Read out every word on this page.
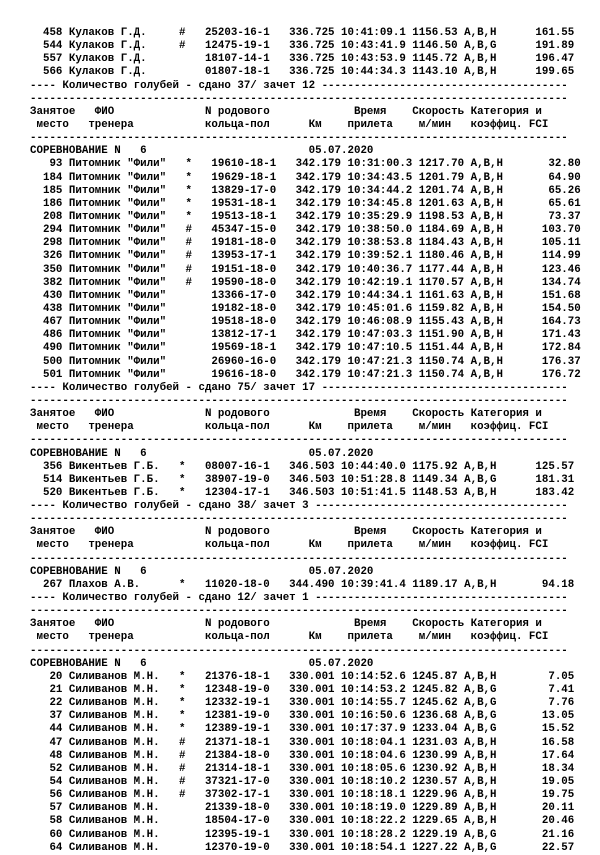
458 Кулаков Г.Д.     #   25203-16-1   336.725 10:41:09.1 1156.53 A,B,H      161.55
544 Кулаков Г.Д.     #   12475-19-1   336.725 10:43:41.9 1146.50 A,B,G      191.89
557 Кулаков Г.Д.         18107-14-1   336.725 10:43:53.9 1145.72 A,B,H      196.47
566 Кулаков Г.Д.         01807-18-1   336.725 10:44:34.3 1143.10 A,B,H      199.65
---- Количество голубей - сдано 37/ зачет 12 --------------------------------------
-----------------------------------------------------------------------------------
Занятое   ФИО              N родового             Время    Скорость Категория и
место   тренера           кольца-пол      Км    прилета    м/мин   коэффиц. FCI
-----------------------------------------------------------------------------------
СОРЕВНОВАНИЕ N   6                         05.07.2020
93 Питомник "Фили"   *   19610-18-1   342.179 10:31:00.3 1217.70 A,B,H       32.80
184 Питомник "Фили"   *   19629-18-1   342.179 10:34:43.5 1201.79 A,B,H       64.90
185 Питомник "Фили"   *   13829-17-0   342.179 10:34:44.2 1201.74 A,B,H       65.26
186 Питомник "Фили"   *   19531-18-1   342.179 10:34:45.8 1201.63 A,B,H       65.61
208 Питомник "Фили"   *   19513-18-1   342.179 10:35:29.9 1198.53 A,B,H       73.37
294 Питомник "Фили"   #   45347-15-0   342.179 10:38:50.0 1184.69 A,B,H      103.70
298 Питомник "Фили"   #   19181-18-0   342.179 10:38:53.8 1184.43 A,B,H      105.11
326 Питомник "Фили"   #   13953-17-1   342.179 10:39:52.1 1180.46 A,B,H      114.99
350 Питомник "Фили"   #   19151-18-0   342.179 10:40:36.7 1177.44 A,B,H      123.46
382 Питомник "Фили"   #   19590-18-0   342.179 10:42:19.1 1170.57 A,B,H      134.74
430 Питомник "Фили"       13366-17-0   342.179 10:44:34.1 1161.63 A,B,H      151.68
438 Питомник "Фили"       19182-18-0   342.179 10:45:01.6 1159.82 A,B,H      154.50
467 Питомник "Фили"       19518-18-0   342.179 10:46:08.9 1155.43 A,B,H      164.73
486 Питомник "Фили"       13812-17-1   342.179 10:47:03.3 1151.90 A,B,H      171.43
490 Питомник "Фили"       19569-18-1   342.179 10:47:10.5 1151.44 A,B,H      172.84
500 Питомник "Фили"       26960-16-0   342.179 10:47:21.3 1150.74 A,B,H      176.37
501 Питомник "Фили"       19616-18-0   342.179 10:47:21.3 1150.74 A,B,H      176.72
---- Количество голубей - сдано 75/ зачет 17 --------------------------------------
-----------------------------------------------------------------------------------
Занятое   ФИО              N родового             Время    Скорость Категория и
место   тренера           кольца-пол      Км    прилета    м/мин   коэффиц. FCI
-----------------------------------------------------------------------------------
СОРЕВНОВАНИЕ N   6                         05.07.2020
356 Викентьев Г.Б.   *   08007-16-1   346.503 10:44:40.0 1175.92 A,B,H      125.57
514 Викентьев Г.Б.   *   38907-19-0   346.503 10:51:28.8 1149.34 A,B,G      181.31
520 Викентьев Г.Б.   *   12304-17-1   346.503 10:51:41.5 1148.53 A,B,H      183.42
---- Количество голубей - сдано 38/ зачет 3 ---------------------------------------
-----------------------------------------------------------------------------------
Занятое   ФИО              N родового             Время    Скорость Категория и
место   тренера           кольца-пол      Км    прилета    м/мин   коэффиц. FCI
-----------------------------------------------------------------------------------
СОРЕВНОВАНИЕ N   6                         05.07.2020
267 Плахов А.В.      *   11020-18-0   344.490 10:39:41.4 1189.17 A,B,H       94.18
---- Количество голубей - сдано 12/ зачет 1 ---------------------------------------
-----------------------------------------------------------------------------------
Занятое   ФИО              N родового             Время    Скорость Категория и
место   тренера           кольца-пол      Км    прилета    м/мин   коэффиц. FCI
-----------------------------------------------------------------------------------
СОРЕВНОВАНИЕ N   6                         05.07.2020
20 Силиванов М.Н.   *   21376-18-1   330.001 10:14:52.6 1245.87 A,B,H        7.05
21 Силиванов М.Н.   *   12348-19-0   330.001 10:14:53.2 1245.82 A,B,G        7.41
22 Силиванов М.Н.   *   12332-19-1   330.001 10:14:55.7 1245.62 A,B,G        7.76
37 Силиванов М.Н.   *   12381-19-0   330.001 10:16:50.6 1236.68 A,B,G       13.05
44 Силиванов М.Н.   *   12389-19-1   330.001 10:17:37.9 1233.04 A,B,G       15.52
47 Силиванов М.Н.   #   21371-18-1   330.001 10:18:04.1 1231.03 A,B,H       16.58
48 Силиванов М.Н.   #   21384-18-0   330.001 10:18:04.6 1230.99 A,B,H       17.64
52 Силиванов М.Н.   #   21314-18-1   330.001 10:18:05.6 1230.92 A,B,H       18.34
54 Силиванов М.Н.   #   37321-17-0   330.001 10:18:10.2 1230.57 A,B,H       19.05
56 Силиванов М.Н.   #   37302-17-1   330.001 10:18:18.1 1229.96 A,B,H       19.75
57 Силиванов М.Н.       21339-18-0   330.001 10:18:19.0 1229.89 A,B,H       20.11
58 Силиванов М.Н.       18504-17-0   330.001 10:18:22.2 1229.65 A,B,H       20.46
60 Силиванов М.Н.       12395-19-1   330.001 10:18:28.2 1229.19 A,B,G       21.16
64 Силиванов М.Н.       12370-19-0   330.001 10:18:54.1 1227.22 A,B,G       22.57
